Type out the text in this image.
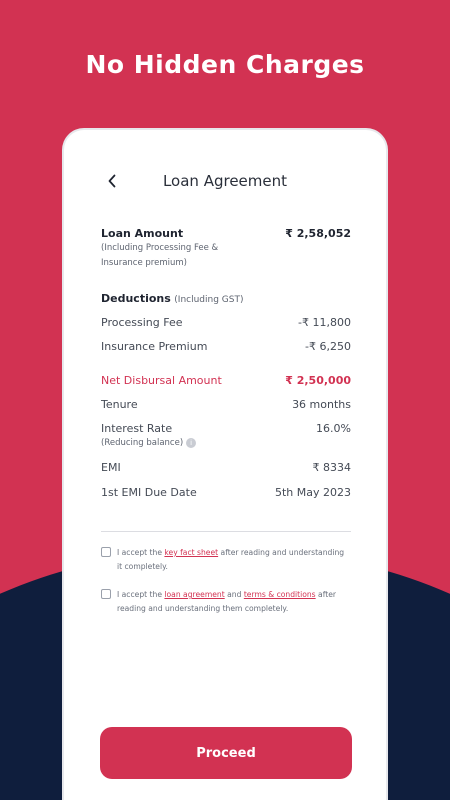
No Hidden Charges
Loan Agreement
Loan Amount	₹ 2,58,052
(Including Processing Fee &
Insurance premium)
Deductions (Including GST)
Processing Fee	-₹ 11,800
Insurance Premium	-₹ 6,250
Net Disbursal Amount	₹ 2,50,000
Tenure	36 months
Interest Rate	16.0%
(Reducing balance) i
EMI	₹ 8334
1st EMI Due Date	5th May 2023
I accept the key fact sheet after reading and understanding it completely.
I accept the loan agreement and terms & conditions after reading and understanding them completely.
Proceed
